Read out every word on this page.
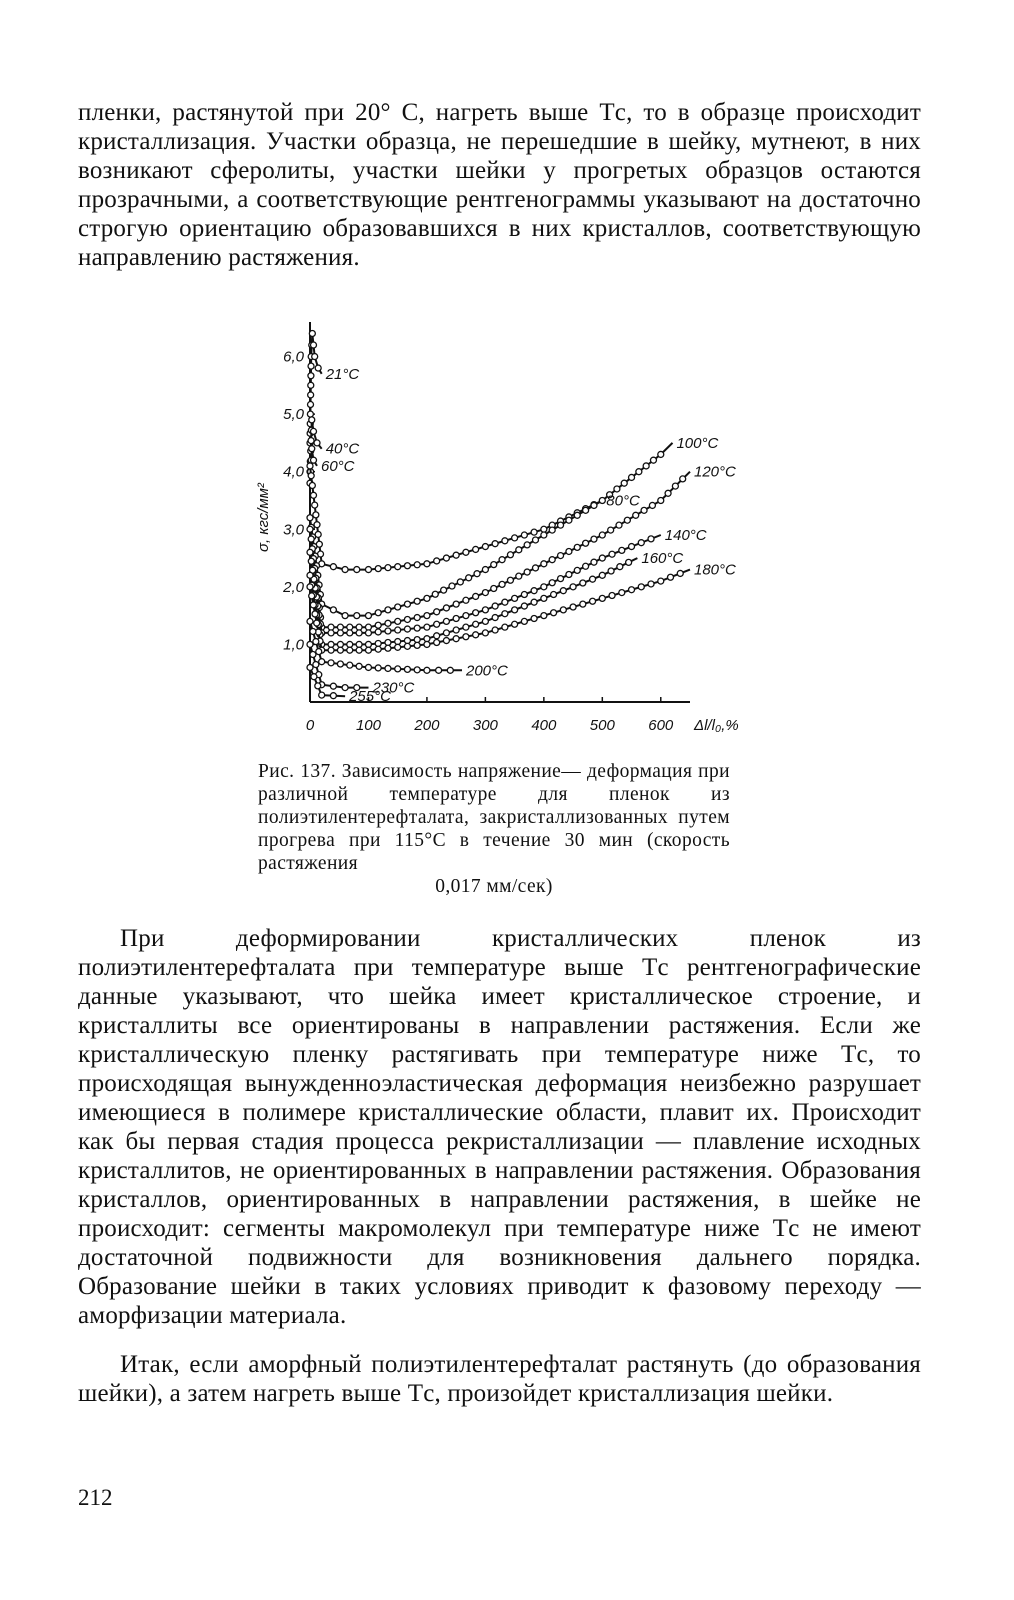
пленки, растянутой при 20° С, нагреть выше Tс, то в образце происходит кристаллизация. Участки образца, не перешедшие в шейку, мутнеют, в них возникают сферолиты, участки шейки у прогретых образцов остаются прозрачными, а соответствующие рентгенограммы указывают на достаточно строгую ориентацию образовавшихся в них кристаллов, соответствующую направлению растяжения.

0	100 200 300 400 500 600
1,0
2,0
3,0
4,0
5,0
6,0
σ, кгс/мм²
Δl/l₀,%
21°C
40°C
60°C
80°C
100°C
120°C
140°C
160°C
180°C
200°C
230°C
255°C
Рис. 137. Зависимость напряжение— деформация при различной температуре для пленок из полиэтилентерефталата, закристаллизованных путем прогрева при 115°C в течение 30 мин (скорость растяжения
0,017 мм/сек)

При деформировании кристаллических пленок из полиэтилентерефталата при температуре выше Tс рентгенографические данные указывают, что шейка имеет кристаллическое строение, и кристаллиты все ориентированы в направлении растяжения. Если же кристаллическую пленку растягивать при температуре ниже Tс, то происходящая вынужденноэластическая деформация неизбежно разрушает имеющиеся в полимере кристаллические области, плавит их. Происходит как бы первая стадия процесса рекристаллизации — плавление исходных кристаллитов, не ориентированных в направлении растяжения. Образования кристаллов, ориентированных в направлении растяжения, в шейке не происходит: сегменты макромолекул при температуре ниже Tс не имеют достаточной подвижности для возникновения дальнего порядка. Образование шейки в таких условиях приводит к фазовому переходу — аморфизации материала.

Итак, если аморфный полиэтилентерефталат растянуть (до образования шейки), а затем нагреть выше Tс, произойдет кристаллизация шейки.

212
